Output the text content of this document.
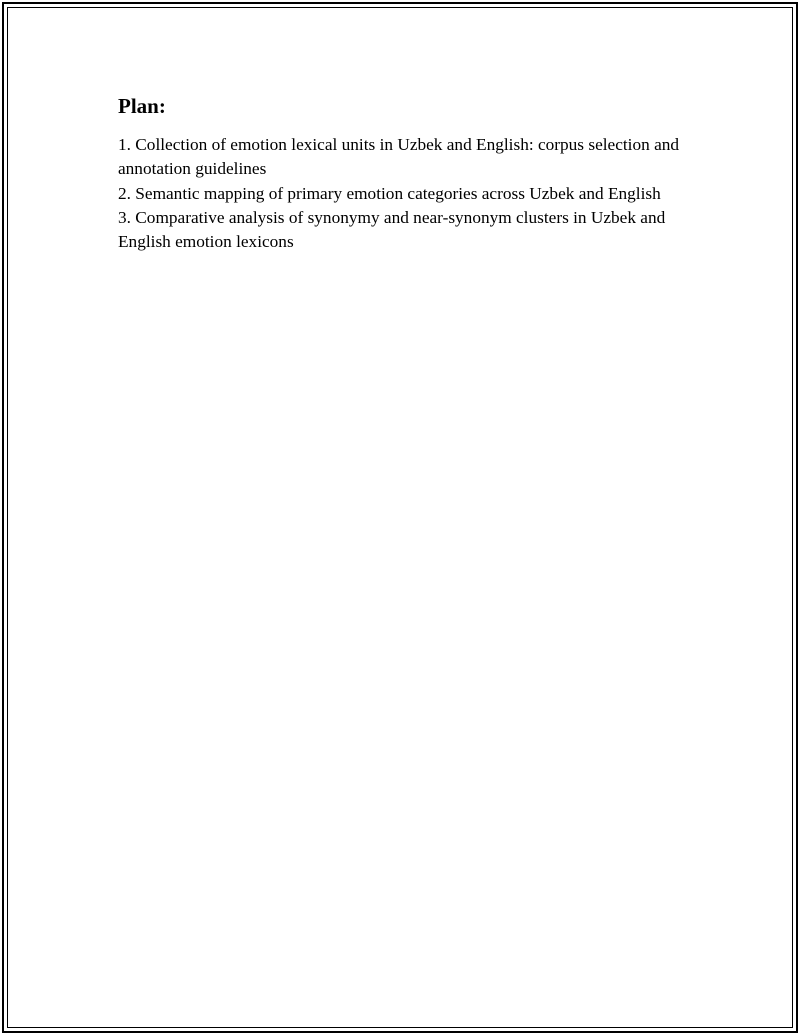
Plan:
1. Collection of emotion lexical units in Uzbek and English: corpus selection and annotation guidelines
2. Semantic mapping of primary emotion categories across Uzbek and English
3. Comparative analysis of synonymy and near-synonym clusters in Uzbek and English emotion lexicons
